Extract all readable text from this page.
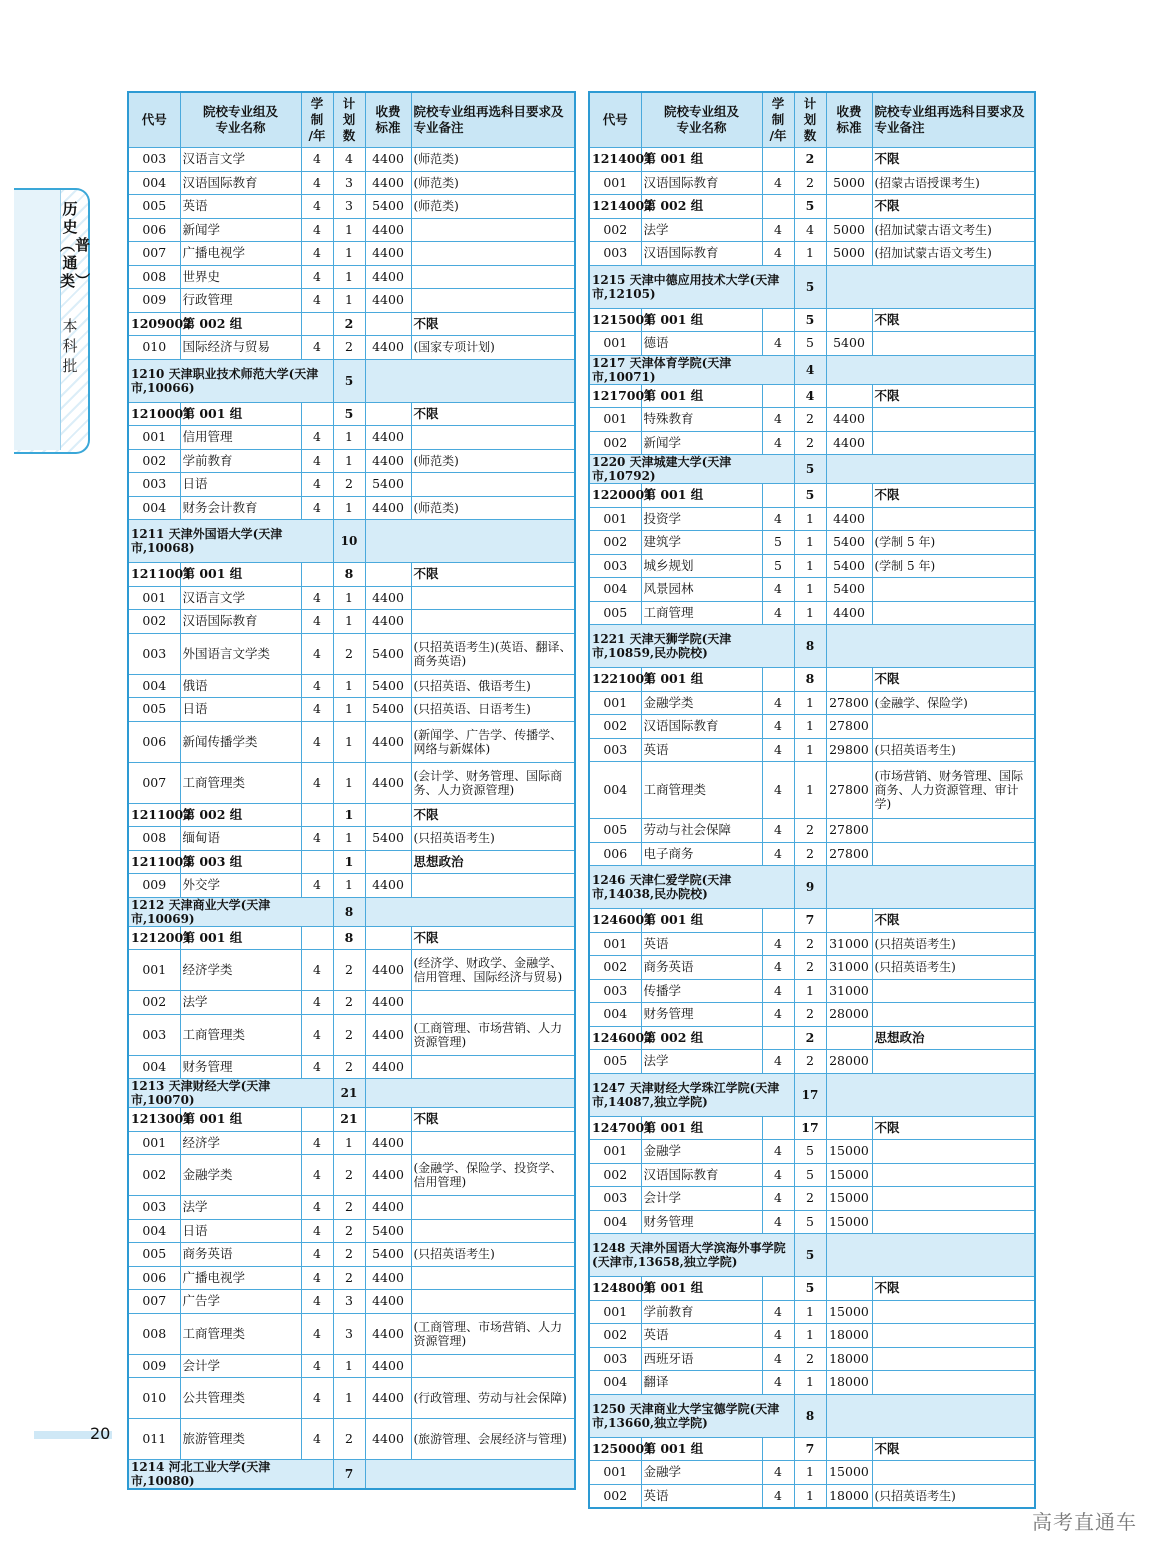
历史︵普通类︶
本科批
代号	院校专业组及
专业名称	学
制
/年	计
划
数	收费
标准	院校专业组再选科目要求及
专业备注
003	汉语言文学	4	4	4400	(师范类)
004	汉语国际教育	4	3	4400	(师范类)
005	英语	4	3	5400	(师范类)
006	新闻学	4	1	4400	
007	广播电视学	4	1	4400	
008	世界史	4	1	4400	
009	行政管理	4	1	4400	
1209002	第 002 组		2		不限
010	国际经济与贸易	4	2	4400	(国家专项计划)
1210 天津职业技术师范大学(天津市,10066)			5		
1210001	第 001 组		5		不限
001	信用管理	4	1	4400	
002	学前教育	4	1	4400	(师范类)
003	日语	4	2	5400	
004	财务会计教育	4	1	4400	(师范类)
1211 天津外国语大学(天津市,10068)			10		
1211001	第 001 组		8		不限
001	汉语言文学	4	1	4400	
002	汉语国际教育	4	1	4400	
003	外国语言文学类	4	2	5400	(只招英语考生)(英语、翻译、商务英语)
004	俄语	4	1	5400	(只招英语、俄语考生)
005	日语	4	1	5400	(只招英语、日语考生)
006	新闻传播学类	4	1	4400	(新闻学、广告学、传播学、网络与新媒体)
007	工商管理类	4	1	4400	(会计学、财务管理、国际商务、人力资源管理)
1211002	第 002 组		1		不限
008	缅甸语	4	1	5400	(只招英语考生)
1211003	第 003 组		1		思想政治
009	外交学	4	1	4400	
1212 天津商业大学(天津市,10069)			8		
1212001	第 001 组		8		不限
001	经济学类	4	2	4400	(经济学、财政学、金融学、信用管理、国际经济与贸易)
002	法学	4	2	4400	
003	工商管理类	4	2	4400	(工商管理、市场营销、人力资源管理)
004	财务管理	4	2	4400	
1213 天津财经大学(天津市,10070)			21		
1213001	第 001 组		21		不限
001	经济学	4	1	4400	
002	金融学类	4	2	4400	(金融学、保险学、投资学、信用管理)
003	法学	4	2	4400	
004	日语	4	2	5400	
005	商务英语	4	2	5400	(只招英语考生)
006	广播电视学	4	2	4400	
007	广告学	4	3	4400	
008	工商管理类	4	3	4400	(工商管理、市场营销、人力资源管理)
009	会计学	4	1	4400	
010	公共管理类	4	1	4400	(行政管理、劳动与社会保障)
011	旅游管理类	4	2	4400	(旅游管理、会展经济与管理)
1214 河北工业大学(天津市,10080)			7		
代号	院校专业组及
专业名称	学
制
/年	计
划
数	收费
标准	院校专业组再选科目要求及
专业备注
1214001	第 001 组		2		不限
001	汉语国际教育	4	2	5000	(招蒙古语授课考生)
1214002	第 002 组		5		不限
002	法学	4	4	5000	(招加试蒙古语文考生)
003	汉语国际教育	4	1	5000	(招加试蒙古语文考生)
1215 天津中德应用技术大学(天津市,12105)			5		
1215001	第 001 组		5		不限
001	德语	4	5	5400	
1217 天津体育学院(天津市,10071)			4		
1217001	第 001 组		4		不限
001	特殊教育	4	2	4400	
002	新闻学	4	2	4400	
1220 天津城建大学(天津市,10792)			5		
1220001	第 001 组		5		不限
001	投资学	4	1	4400	
002	建筑学	5	1	5400	(学制 5 年)
003	城乡规划	5	1	5400	(学制 5 年)
004	风景园林	4	1	5400	
005	工商管理	4	1	4400	
1221 天津天狮学院(天津市,10859,民办院校)			8		
1221001	第 001 组		8		不限
001	金融学类	4	1	27800	(金融学、保险学)
002	汉语国际教育	4	1	27800	
003	英语	4	1	29800	(只招英语考生)
004	工商管理类	4	1	27800	(市场营销、财务管理、国际商务、人力资源管理、审计学)
005	劳动与社会保障	4	2	27800	
006	电子商务	4	2	27800	
1246 天津仁爱学院(天津市,14038,民办院校)			9		
1246001	第 001 组		7		不限
001	英语	4	2	31000	(只招英语考生)
002	商务英语	4	2	31000	(只招英语考生)
003	传播学	4	1	31000	
004	财务管理	4	2	28000	
1246002	第 002 组		2		思想政治
005	法学	4	2	28000	
1247 天津财经大学珠江学院(天津市,14087,独立学院)			17		
1247001	第 001 组		17		不限
001	金融学	4	5	15000	
002	汉语国际教育	4	5	15000	
003	会计学	4	2	15000	
004	财务管理	4	5	15000	
1248 天津外国语大学滨海外事学院(天津市,13658,独立学院)			5		
1248001	第 001 组		5		不限
001	学前教育	4	1	15000	
002	英语	4	1	18000	
003	西班牙语	4	2	18000	
004	翻译	4	1	18000	
1250 天津商业大学宝德学院(天津市,13660,独立学院)			8		
1250001	第 001 组		7		不限
001	金融学	4	1	15000	
002	英语	4	1	18000	(只招英语考生)
20
高考直通车
